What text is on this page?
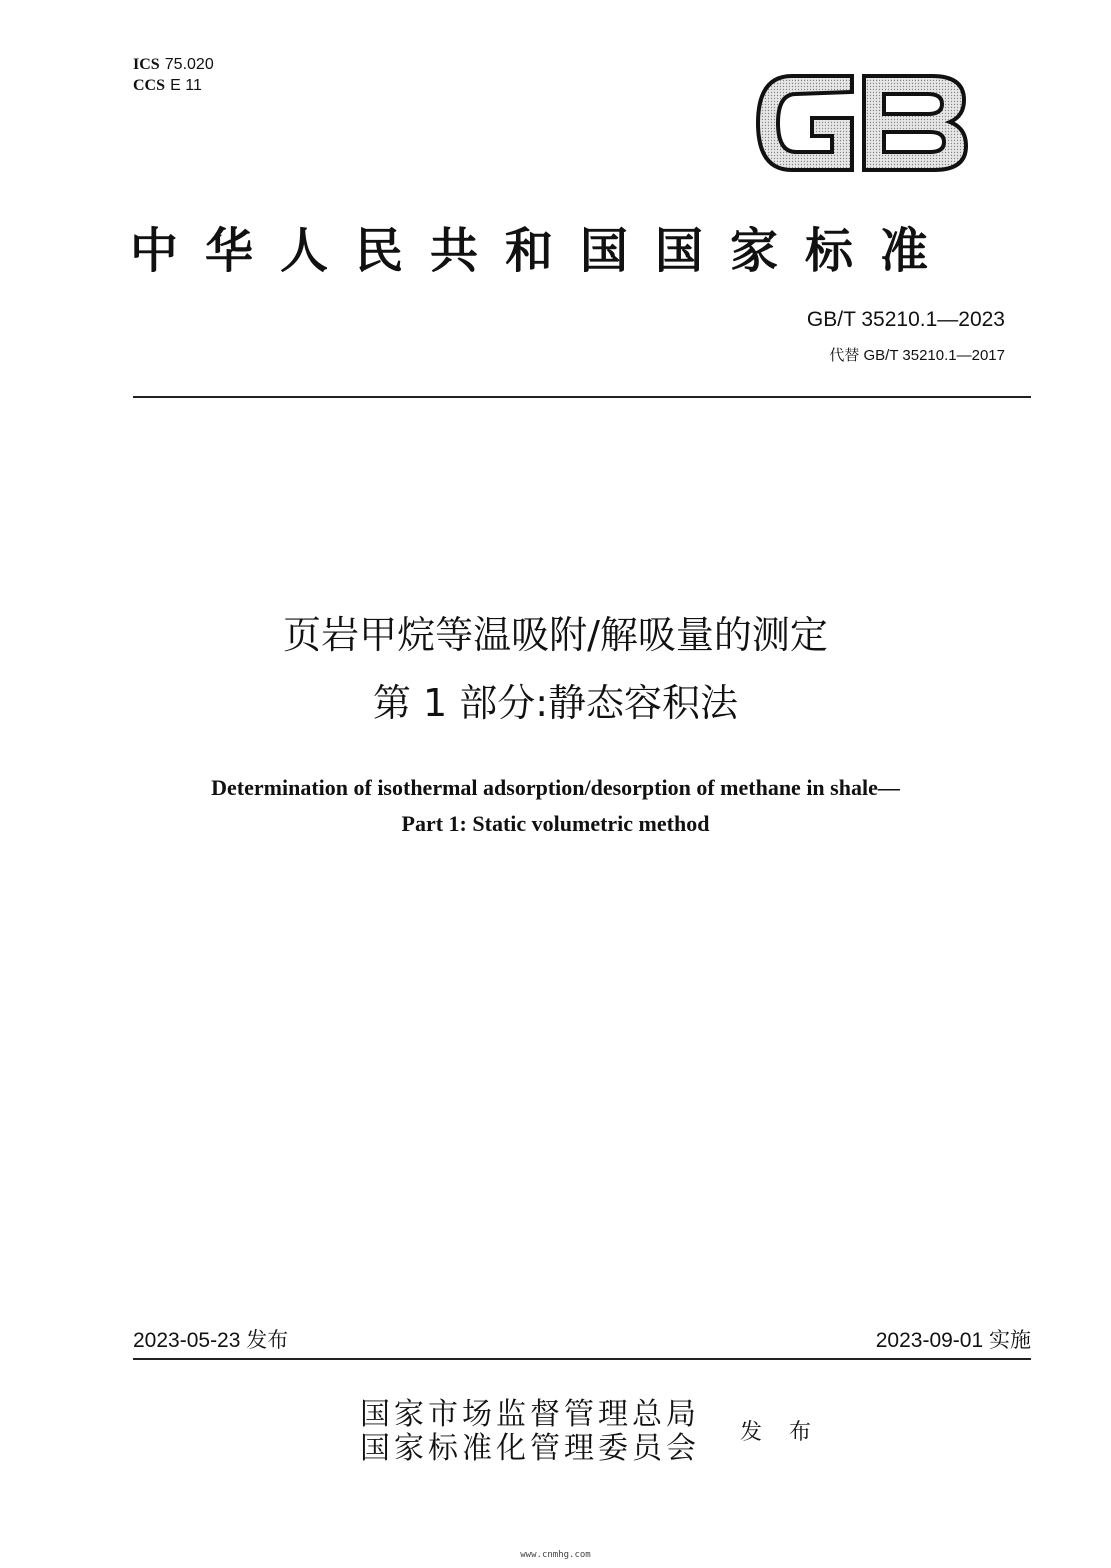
ICS 75.020
CCS E 11
中华人民共和国国家标准
GB/T 35210.1—2023
代替 GB/T 35210.1—2017
页岩甲烷等温吸附/解吸量的测定
第 1 部分:静态容积法
Determination of isothermal adsorption/desorption of methane in shale—
Part 1: Static volumetric method
2023-05-23 发布	2023-09-01 实施
国家市场监督管理总局
国家标准化管理委员会 发 布
www.cnmhg.com
